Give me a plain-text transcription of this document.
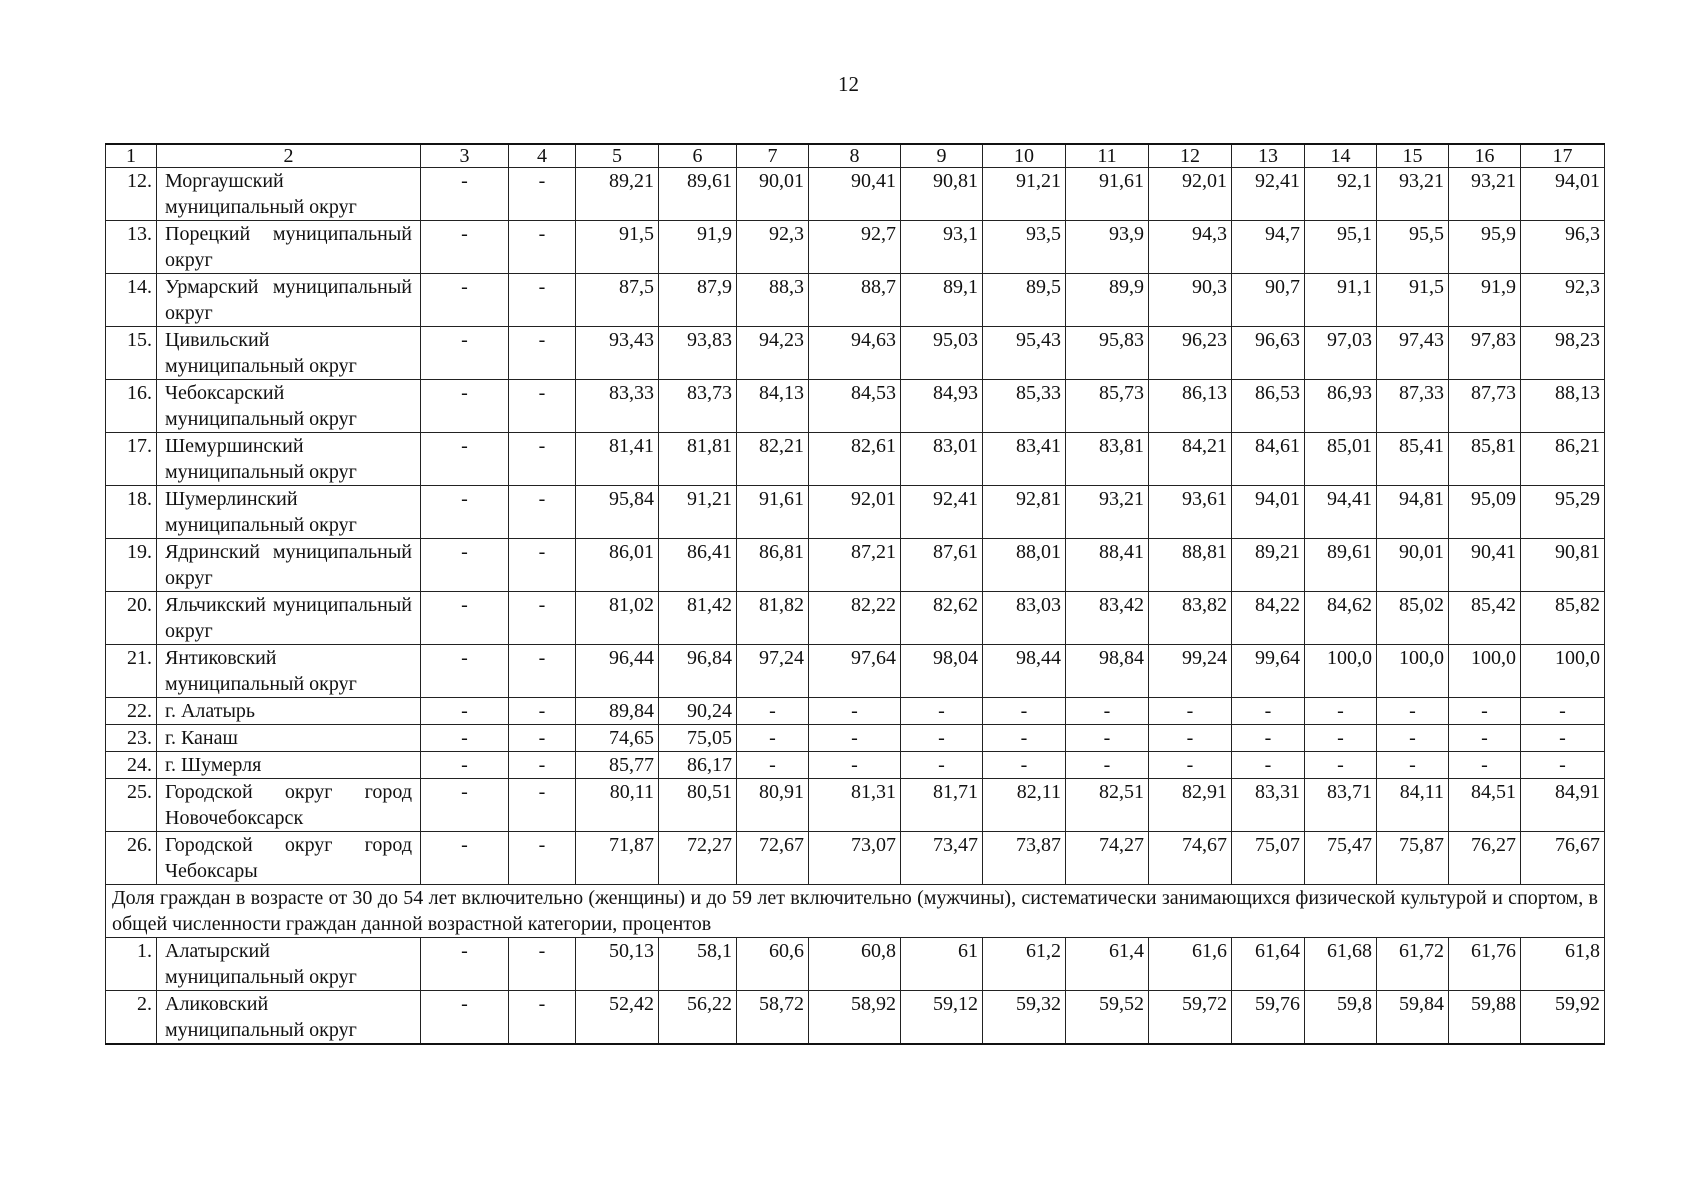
12
1	2	3	4	5	6	7	8	9	10	11	12	13	14	15	16	17
12.	Моргаушский муниципальный округ	-	-	89,21	89,61	90,01	90,41	90,81	91,21	91,61	92,01	92,41	92,1	93,21	93,21	94,01
13.	Порецкий муниципальный округ	-	-	91,5	91,9	92,3	92,7	93,1	93,5	93,9	94,3	94,7	95,1	95,5	95,9	96,3
14.	Урмарский муниципальный округ	-	-	87,5	87,9	88,3	88,7	89,1	89,5	89,9	90,3	90,7	91,1	91,5	91,9	92,3
15.	Цивильский муниципальный округ	-	-	93,43	93,83	94,23	94,63	95,03	95,43	95,83	96,23	96,63	97,03	97,43	97,83	98,23
16.	Чебоксарский муниципальный округ	-	-	83,33	83,73	84,13	84,53	84,93	85,33	85,73	86,13	86,53	86,93	87,33	87,73	88,13
17.	Шемуршинский муниципальный округ	-	-	81,41	81,81	82,21	82,61	83,01	83,41	83,81	84,21	84,61	85,01	85,41	85,81	86,21
18.	Шумерлинский муниципальный округ	-	-	95,84	91,21	91,61	92,01	92,41	92,81	93,21	93,61	94,01	94,41	94,81	95,09	95,29
19.	Ядринский муниципальный округ	-	-	86,01	86,41	86,81	87,21	87,61	88,01	88,41	88,81	89,21	89,61	90,01	90,41	90,81
20.	Яльчикский муниципальный округ	-	-	81,02	81,42	81,82	82,22	82,62	83,03	83,42	83,82	84,22	84,62	85,02	85,42	85,82
21.	Янтиковский муниципальный округ	-	-	96,44	96,84	97,24	97,64	98,04	98,44	98,84	99,24	99,64	100,0	100,0	100,0	100,0
22.	г. Алатырь	-	-	89,84	90,24	-	-	-	-	-	-	-	-	-	-	-
23.	г. Канаш	-	-	74,65	75,05	-	-	-	-	-	-	-	-	-	-	-
24.	г. Шумерля	-	-	85,77	86,17	-	-	-	-	-	-	-	-	-	-	-
25.	Городской округ город Новочебоксарск	-	-	80,11	80,51	80,91	81,31	81,71	82,11	82,51	82,91	83,31	83,71	84,11	84,51	84,91
26.	Городской округ город Чебоксары	-	-	71,87	72,27	72,67	73,07	73,47	73,87	74,27	74,67	75,07	75,47	75,87	76,27	76,67
Доля граждан в возрасте от 30 до 54 лет включительно (женщины) и до 59 лет включительно (мужчины), систематически занимающихся физической культурой и спортом, в общей численности граждан данной возрастной категории, процентов																
1.	Алатырский муниципальный округ	-	-	50,13	58,1	60,6	60,8	61	61,2	61,4	61,6	61,64	61,68	61,72	61,76	61,8
2.	Аликовский муниципальный округ	-	-	52,42	56,22	58,72	58,92	59,12	59,32	59,52	59,72	59,76	59,8	59,84	59,88	59,92
